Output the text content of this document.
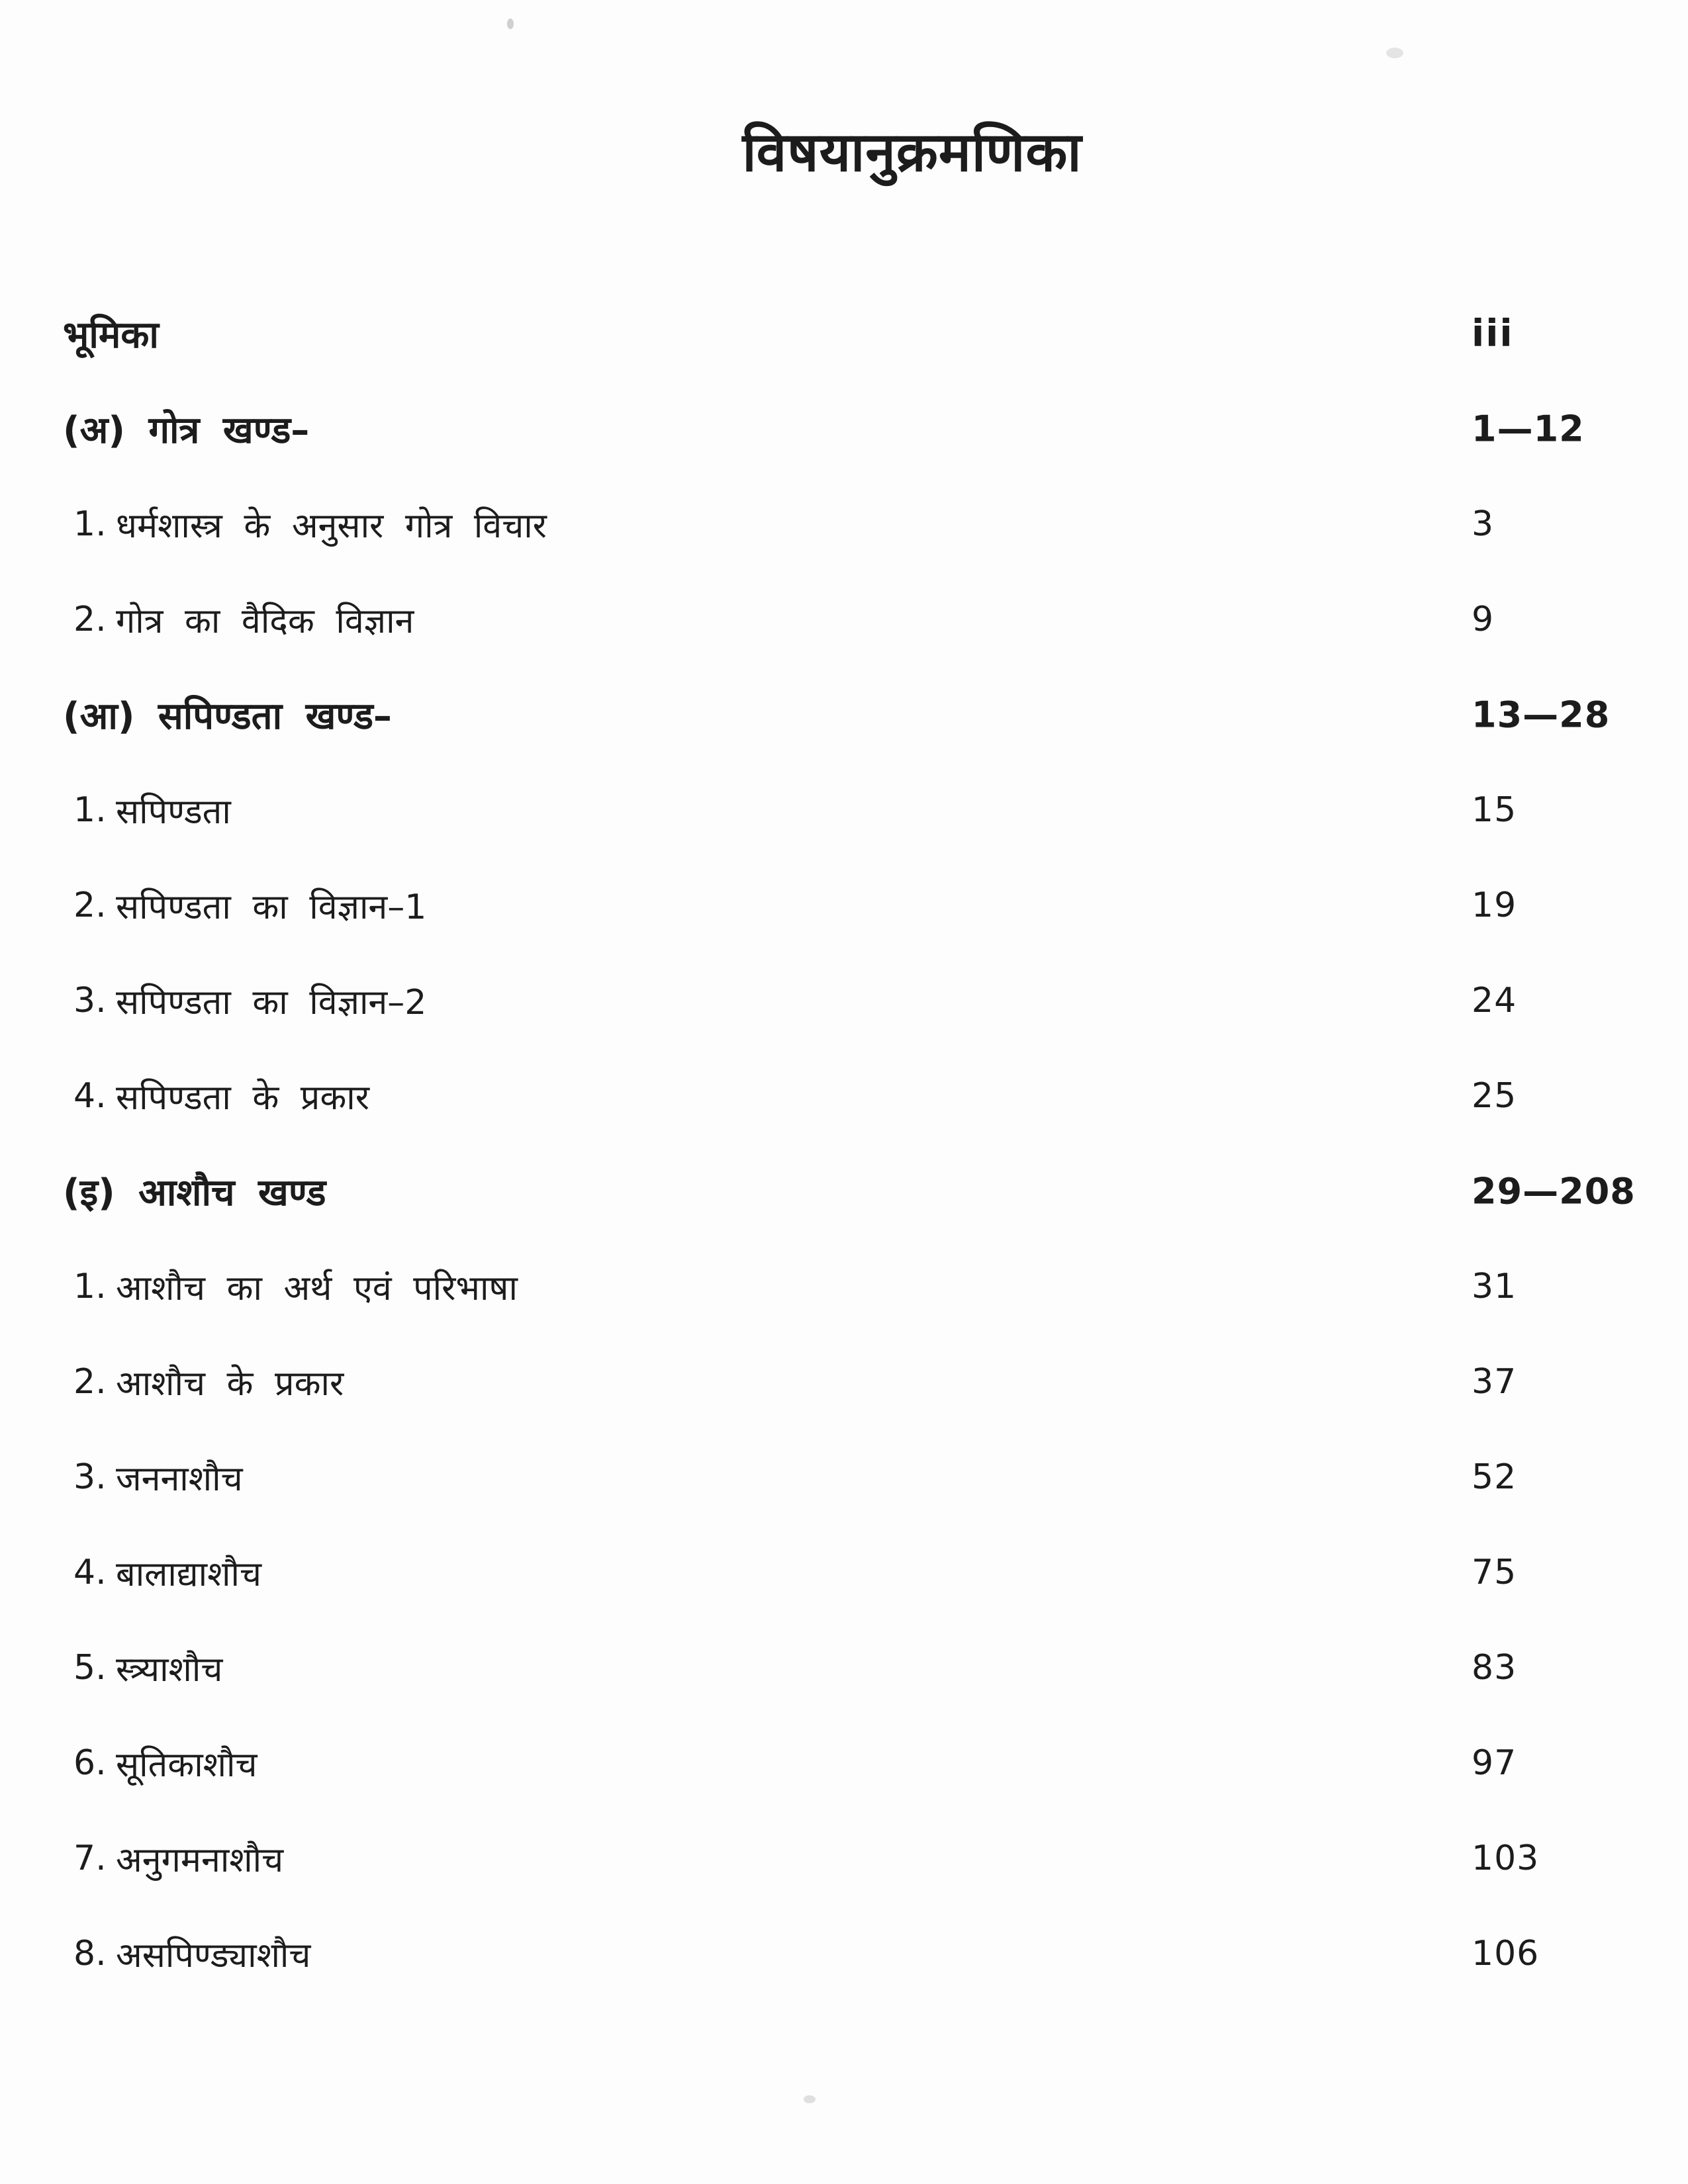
विषयानुक्रमणिका
भूमिका	iii
(अ) गोत्र खण्ड–	1—12
1. धर्मशास्त्र के अनुसार गोत्र विचार	3
2. गोत्र का वैदिक विज्ञान	9
(आ) सपिण्डता खण्ड–	13—28
1. सपिण्डता	15
2. सपिण्डता का विज्ञान–1	19
3. सपिण्डता का विज्ञान–2	24
4. सपिण्डता के प्रकार	25
(इ) आशौच खण्ड	29—208
1. आशौच का अर्थ एवं परिभाषा	31
2. आशौच के प्रकार	37
3. जननाशौच	52
4. बालाद्याशौच	75
5. स्त्र्याशौच	83
6. सूतिकाशौच	97
7. अनुगमनाशौच	103
8. असपिण्ड्याशौच	106
